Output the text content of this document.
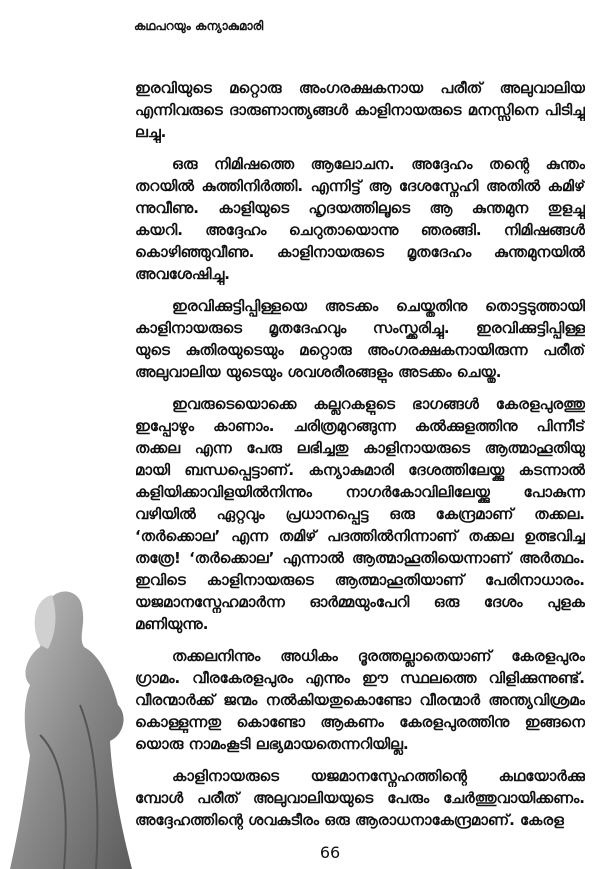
കഥപറയും കന്യാകുമാരി
ഇരവിയുടെ മറ്റൊരു അംഗരക്ഷകനായ പരീത് അലുവാലിയ
എന്നിവരുടെ ദാരുണാന്ത്യങ്ങൾ കാളിനായരുടെ മനസ്സിനെ പിടിച്ചു
ലച്ചു.
ഒരു നിമിഷത്തെ ആലോചന. അദ്ദേഹം തന്റെ കുന്തം
തറയിൽ കുത്തിനിർത്തി. എന്നിട്ട് ആ ദേശസ്നേഹി അതിൽ കമിഴ്
ന്നുവീണു. കാളിയുടെ ഹൃദയത്തിലൂടെ ആ കുന്തമുന തുളച്ചു
കയറി. അദ്ദേഹം ചെറുതായൊന്നു ഞരങ്ങി. നിമിഷങ്ങൾ
കൊഴിഞ്ഞുവീണു. കാളിനായരുടെ മൃതദേഹം കുന്തമുനയിൽ
അവശേഷിച്ചു.
ഇരവിക്കുട്ടിപ്പിള്ളയെ അടക്കം ചെയ്തതിനു തൊട്ടടുത്തായി
കാളിനായരുടെ മൃതദേഹവും സംസ്ക്കരിച്ചു. ഇരവിക്കുട്ടിപ്പിള്ള
യുടെ കുതിരയുടെയും മറ്റൊരു അംഗരക്ഷകനായിരുന്ന പരീത്
അലുവാലിയ യുടെയും ശവശരീരങ്ങളും അടക്കം ചെയ്തു.
ഇവരുടെയൊക്കെ കല്ലറകളുടെ ഭാഗങ്ങൾ കേരളപുരത്തു
ഇപ്പോഴും കാണാം. ചരിത്രമുറങ്ങുന്ന കൽക്കുളത്തിനു പിന്നീട്
തക്കല എന്ന പേരു ലഭിച്ചതു കാളിനായരുടെ ആത്മാഹൂതിയു
മായി ബന്ധപ്പെട്ടാണ്. കന്യാകുമാരി ദേശത്തിലേയ്ക്കു കടന്നാൽ
കളിയിക്കാവിളയിൽനിന്നും നാഗർകോവിലിലേയ്ക്കു പോകുന്ന
വഴിയിൽ ഏറ്റവും പ്രധാനപ്പെട്ട ഒരു കേന്ദ്രമാണ് തക്കല.
‘തർക്കൊല’ എന്ന തമിഴ് പദത്തിൽനിന്നാണ് തക്കല ഉത്ഭവിച്ച
തത്രേ! ‘തർക്കൊല’ എന്നാൽ ആത്മാഹൂതിയെന്നാണ് അർത്ഥം.
ഇവിടെ കാളിനായരുടെ ആത്മാഹൂതിയാണ് പേരിനാധാരം.
യജമാനസ്നേഹമാർന്ന ഓർമ്മയുംപേറി ഒരു ദേശം പുളക
മണിയുന്നു.
തക്കലനിന്നും അധികം ദൂരത്തല്ലാതെയാണ് കേരളപുരം
ഗ്രാമം. വീരകേരളപുരം എന്നും ഈ സ്ഥലത്തെ വിളിക്കുന്നുണ്ട്.
വീരന്മാർക്ക് ജന്മം നൽകിയതുകൊണ്ടോ വീരന്മാർ അന്ത്യവിശ്രമം
കൊള്ളുന്നതു കൊണ്ടോ ആകണം കേരളപുരത്തിനു ഇങ്ങനെ
യൊരു നാമംകൂടി ലഭ്യമായതെന്നറിയില്ല.
കാളിനായരുടെ യജമാനസ്നേഹത്തിന്റെ കഥയോർക്കു
മ്പോൾ പരീത് അലുവാലിയയുടെ പേരും ചേർത്തുവായിക്കണം.
അദ്ദേഹത്തിന്റെ ശവകുടീരം ഒരു ആരാധനാകേന്ദ്രമാണ്. കേരള
66
